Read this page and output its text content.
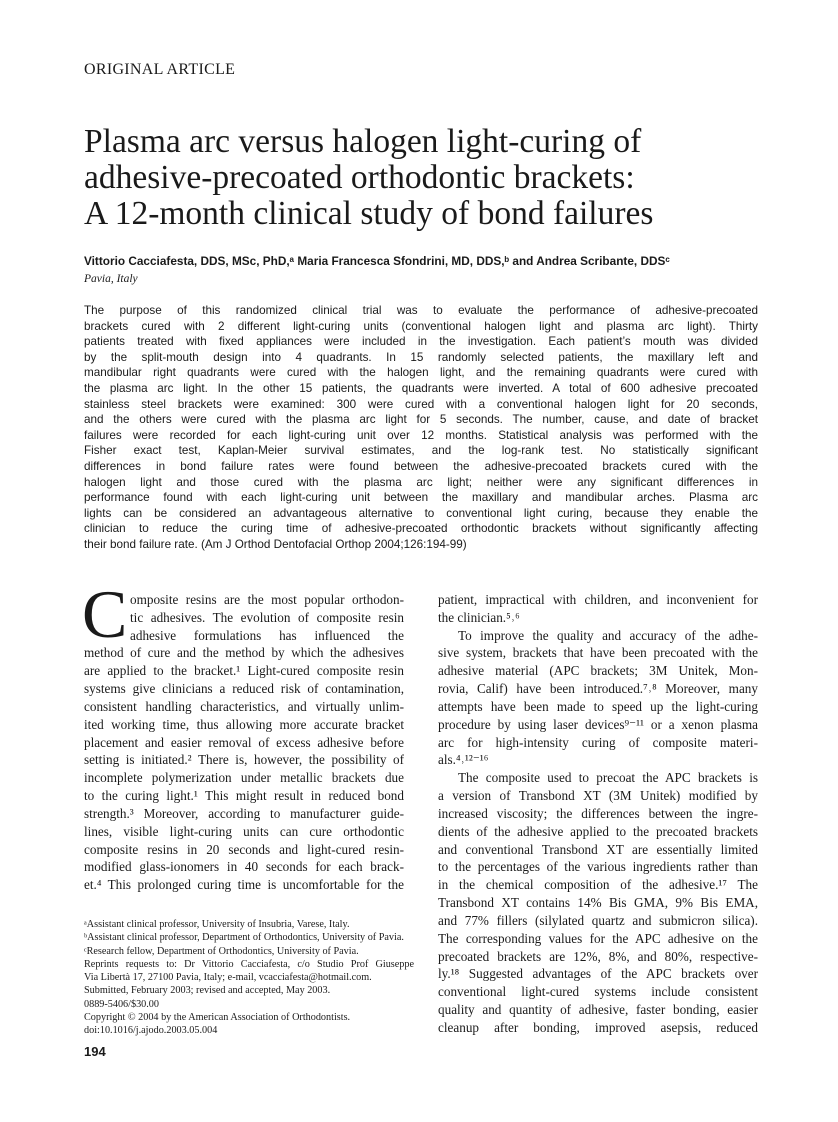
ORIGINAL ARTICLE
Plasma arc versus halogen light-curing of
adhesive-precoated orthodontic brackets:
A 12-month clinical study of bond failures
Vittorio Cacciafesta, DDS, MSc, PhD,ᵃ Maria Francesca Sfondrini, MD, DDS,ᵇ and Andrea Scribante, DDSᶜ
Pavia, Italy
The purpose of this randomized clinical trial was to evaluate the performance of adhesive-precoated
brackets cured with 2 different light-curing units (conventional halogen light and plasma arc light). Thirty
patients treated with fixed appliances were included in the investigation. Each patient’s mouth was divided
by the split-mouth design into 4 quadrants. In 15 randomly selected patients, the maxillary left and
mandibular right quadrants were cured with the halogen light, and the remaining quadrants were cured with
the plasma arc light. In the other 15 patients, the quadrants were inverted. A total of 600 adhesive precoated
stainless steel brackets were examined: 300 were cured with a conventional halogen light for 20 seconds,
and the others were cured with the plasma arc light for 5 seconds. The number, cause, and date of bracket
failures were recorded for each light-curing unit over 12 months. Statistical analysis was performed with the
Fisher exact test, Kaplan-Meier survival estimates, and the log-rank test. No statistically significant
differences in bond failure rates were found between the adhesive-precoated brackets cured with the
halogen light and those cured with the plasma arc light; neither were any significant differences in
performance found with each light-curing unit between the maxillary and mandibular arches. Plasma arc
lights can be considered an advantageous alternative to conventional light curing, because they enable the
clinician to reduce the curing time of adhesive-precoated orthodontic brackets without significantly affecting
their bond failure rate. (Am J Orthod Dentofacial Orthop 2004;126:194-99)
C omposite resins are the most popular orthodon-
tic adhesives. The evolution of composite resin
adhesive formulations has influenced the
method of cure and the method by which the adhesives
are applied to the bracket.¹ Light-cured composite resin
systems give clinicians a reduced risk of contamination,
consistent handling characteristics, and virtually unlim-
ited working time, thus allowing more accurate bracket
placement and easier removal of excess adhesive before
setting is initiated.² There is, however, the possibility of
incomplete polymerization under metallic brackets due
to the curing light.¹ This might result in reduced bond
strength.³ Moreover, according to manufacturer guide-
lines, visible light-curing units can cure orthodontic
composite resins in 20 seconds and light-cured resin-
modified glass-ionomers in 40 seconds for each brack-
et.⁴ This prolonged curing time is uncomfortable for the
patient, impractical with children, and inconvenient for
the clinician.⁵˒⁶
To improve the quality and accuracy of the adhe-
sive system, brackets that have been precoated with the
adhesive material (APC brackets; 3M Unitek, Mon-
rovia, Calif) have been introduced.⁷˒⁸ Moreover, many
attempts have been made to speed up the light-curing
procedure by using laser devices⁹⁻¹¹ or a xenon plasma
arc for high-intensity curing of composite materi-
als.⁴˒¹²⁻¹⁶
The composite used to precoat the APC brackets is
a version of Transbond XT (3M Unitek) modified by
increased viscosity; the differences between the ingre-
dients of the adhesive applied to the precoated brackets
and conventional Transbond XT are essentially limited
to the percentages of the various ingredients rather than
in the chemical composition of the adhesive.¹⁷ The
Transbond XT contains 14% Bis GMA, 9% Bis EMA,
and 77% fillers (silylated quartz and submicron silica).
The corresponding values for the APC adhesive on the
precoated brackets are 12%, 8%, and 80%, respective-
ly.¹⁸ Suggested advantages of the APC brackets over
conventional light-cured systems include consistent
quality and quantity of adhesive, faster bonding, easier
cleanup after bonding, improved asepsis, reduced
ᵃAssistant clinical professor, University of Insubria, Varese, Italy.
ᵇAssistant clinical professor, Department of Orthodontics, University of Pavia.
ᶜResearch fellow, Department of Orthodontics, University of Pavia.
Reprints requests to: Dr Vittorio Cacciafesta, c/o Studio Prof Giuseppe
Via Libertà 17, 27100 Pavia, Italy; e-mail, vcacciafesta@hotmail.com.
Submitted, February 2003; revised and accepted, May 2003.
0889-5406/$30.00
Copyright © 2004 by the American Association of Orthodontists.
doi:10.1016/j.ajodo.2003.05.004
194
